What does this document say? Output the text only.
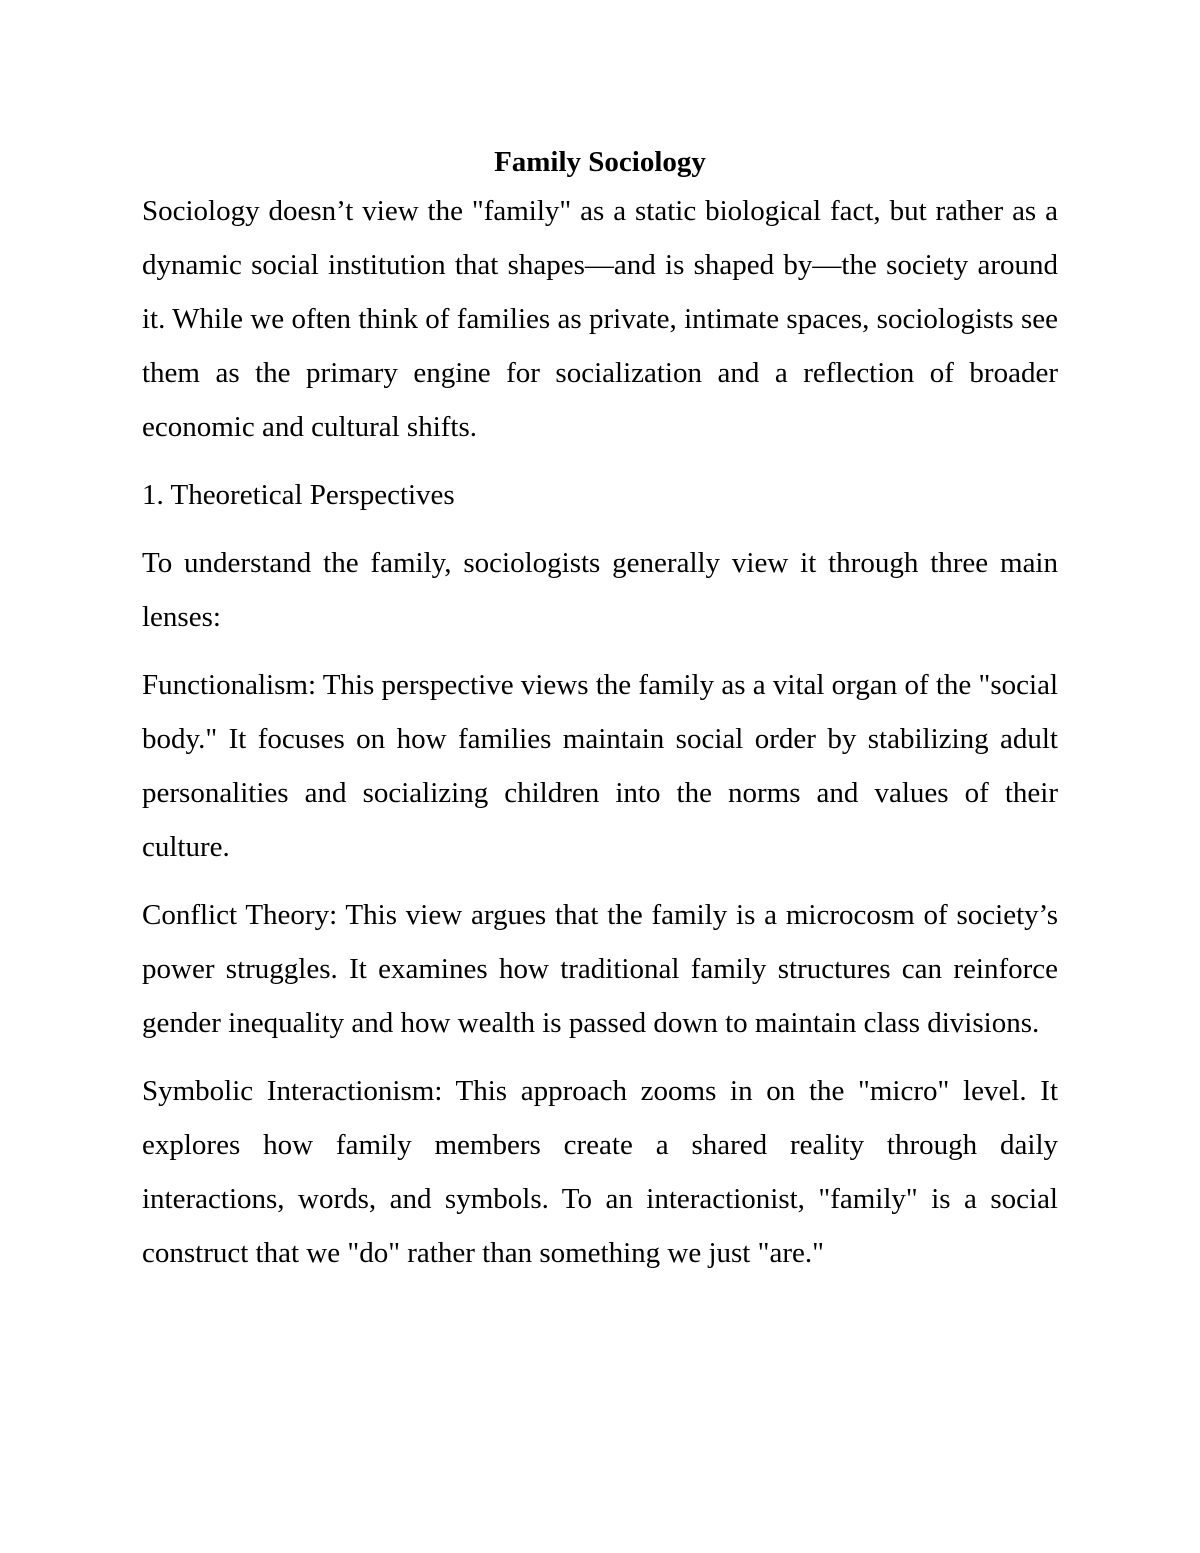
Family Sociology

Sociology doesn’t view the "family" as a static biological fact, but rather as a dynamic social institution that shapes—and is shaped by—the society around it. While we often think of families as private, intimate spaces, sociologists see them as the primary engine for socialization and a reflection of broader economic and cultural shifts.

1. Theoretical Perspectives

To understand the family, sociologists generally view it through three main lenses:

Functionalism: This perspective views the family as a vital organ of the "social body." It focuses on how families maintain social order by stabilizing adult personalities and socializing children into the norms and values of their culture.

Conflict Theory: This view argues that the family is a microcosm of society’s power struggles. It examines how traditional family structures can reinforce gender inequality and how wealth is passed down to maintain class divisions.

Symbolic Interactionism: This approach zooms in on the "micro" level. It explores how family members create a shared reality through daily interactions, words, and symbols. To an interactionist, "family" is a social construct that we "do" rather than something we just "are."
